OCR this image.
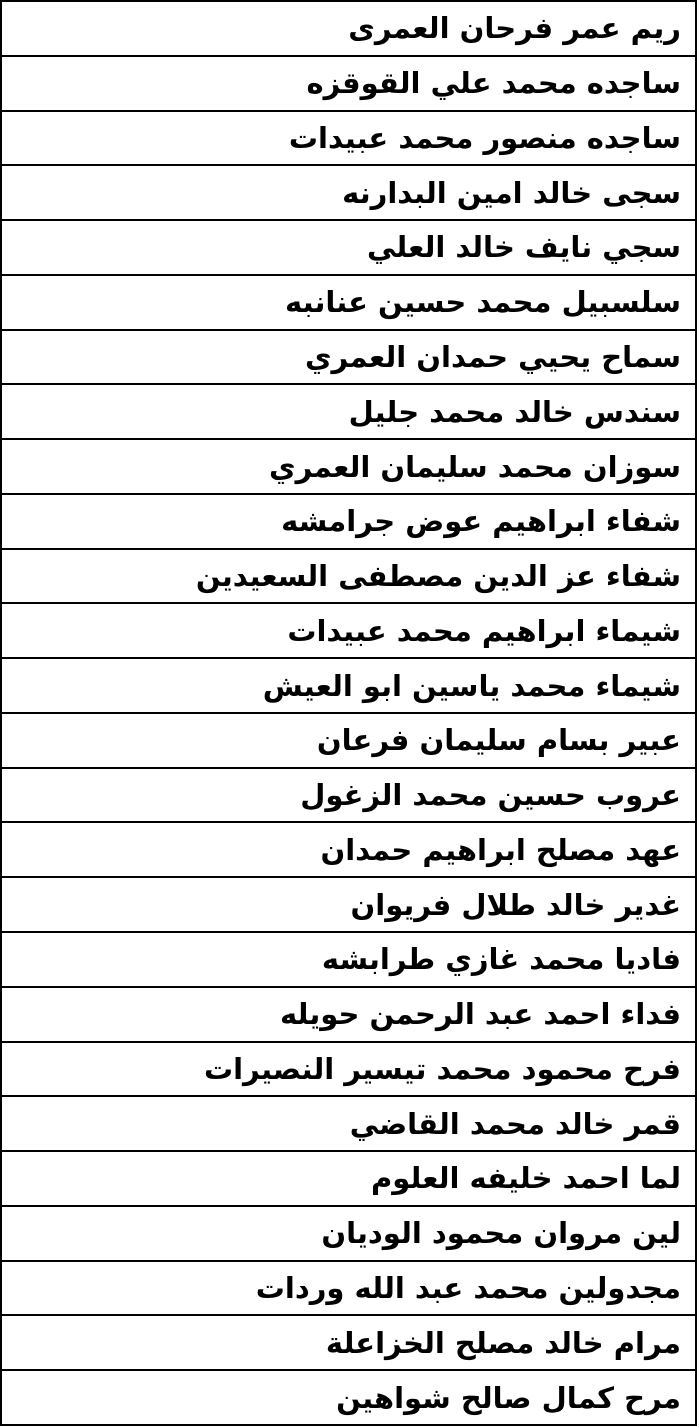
ريم عمر فرحان العمرى
ساجده محمد علي القوقزه
ساجده منصور محمد عبيدات
سجى خالد امين البدارنه
سجي نايف خالد العلي
سلسبيل محمد حسين عنانبه
سماح يحيي حمدان العمري
سندس خالد محمد جليل
سوزان محمد سليمان العمري
شفاء ابراهيم عوض جرامشه
شفاء عز الدين مصطفى السعيدين
شيماء ابراهيم محمد عبيدات
شيماء محمد ياسين ابو العيش
عبير بسام سليمان فرعان
عروب حسين محمد الزغول
عهد مصلح ابراهيم حمدان
غدير خالد طلال فريوان
فاديا محمد غازي طرابشه
فداء احمد عبد الرحمن حويله
فرح محمود محمد تيسير النصيرات
قمر خالد محمد القاضي
لما احمد خليفه العلوم
لين مروان محمود الوديان
مجدولين محمد عبد الله وردات
مرام خالد مصلح الخزاعلة
مرح كمال صالح شواهين
